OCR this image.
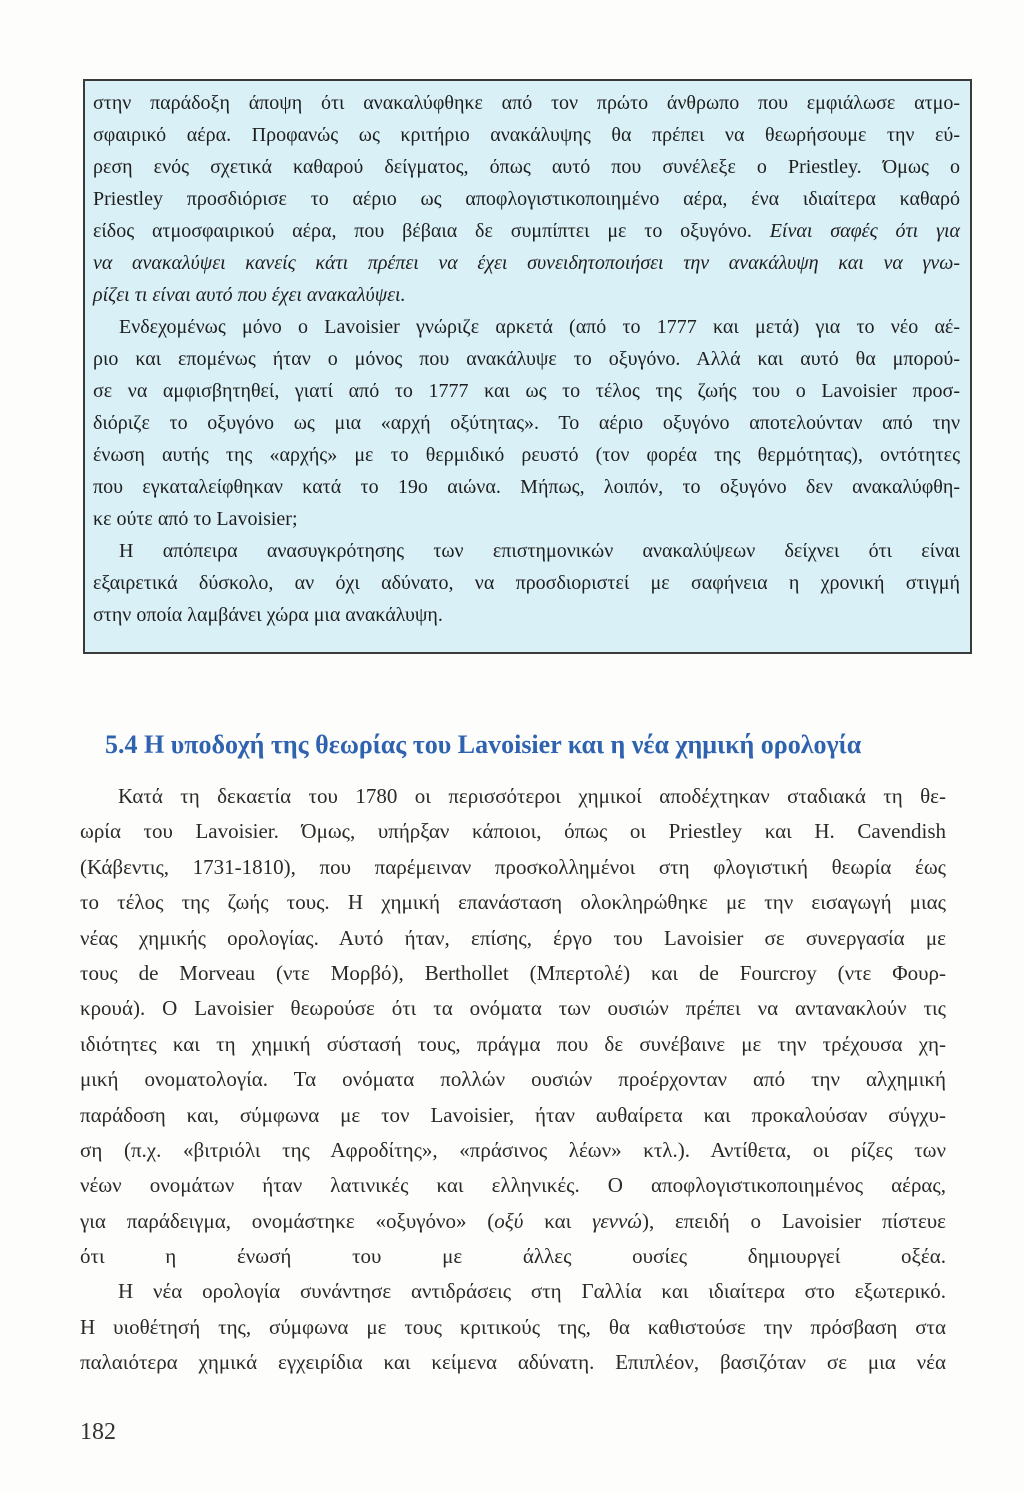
στην παράδοξη άποψη ότι ανακαλύφθηκε από τον πρώτο άνθρωπο που εμφιάλωσε ατμο-
σφαιρικό αέρα. Προφανώς ως κριτήριο ανακάλυψης θα πρέπει να θεωρήσουμε την εύ-
ρεση ενός σχετικά καθαρού δείγματος, όπως αυτό που συνέλεξε ο Priestley. Όμως ο
Priestley προσδιόρισε το αέριο ως αποφλογιστικοποιημένο αέρα, ένα ιδιαίτερα καθαρό
είδος ατμοσφαιρικού αέρα, που βέβαια δε συμπίπτει με το οξυγόνο. Είναι σαφές ότι για
να ανακαλύψει κανείς κάτι πρέπει να έχει συνειδητοποιήσει την ανακάλυψη και να γνω-
ρίζει τι είναι αυτό που έχει ανακαλύψει.
Ενδεχομένως μόνο ο Lavoisier γνώριζε αρκετά (από το 1777 και μετά) για το νέο αέ-
ριο και επομένως ήταν ο μόνος που ανακάλυψε το οξυγόνο. Αλλά και αυτό θα μπορού-
σε να αμφισβητηθεί, γιατί από το 1777 και ως το τέλος της ζωής του ο Lavoisier προσ-
διόριζε το οξυγόνο ως μια «αρχή οξύτητας». Το αέριο οξυγόνο αποτελούνταν από την
ένωση αυτής της «αρχής» με το θερμιδικό ρευστό (τον φορέα της θερμότητας), οντότητες
που εγκαταλείφθηκαν κατά το 19ο αιώνα. Μήπως, λοιπόν, το οξυγόνο δεν ανακαλύφθη-
κε ούτε από το Lavoisier;
Η απόπειρα ανασυγκρότησης των επιστημονικών ανακαλύψεων δείχνει ότι είναι
εξαιρετικά δύσκολο, αν όχι αδύνατο, να προσδιοριστεί με σαφήνεια η χρονική στιγμή
στην οποία λαμβάνει χώρα μια ανακάλυψη.
5.4 Η υποδοχή της θεωρίας του Lavoisier και η νέα χημική ορολογία
Κατά τη δεκαετία του 1780 οι περισσότεροι χημικοί αποδέχτηκαν σταδιακά τη θε-
ωρία του Lavoisier. Όμως, υπήρξαν κάποιοι, όπως οι Priestley και H. Cavendish
(Κάβεντις, 1731-1810), που παρέμειναν προσκολλημένοι στη φλογιστική θεωρία έως
το τέλος της ζωής τους. Η χημική επανάσταση ολοκληρώθηκε με την εισαγωγή μιας
νέας χημικής ορολογίας. Αυτό ήταν, επίσης, έργο του Lavoisier σε συνεργασία με
τους de Morveau (ντε Μορβό), Berthollet (Μπερτολέ) και de Fourcroy (ντε Φουρ-
κρουά). Ο Lavoisier θεωρούσε ότι τα ονόματα των ουσιών πρέπει να αντανακλούν τις
ιδιότητες και τη χημική σύστασή τους, πράγμα που δε συνέβαινε με την τρέχουσα χη-
μική ονοματολογία. Τα ονόματα πολλών ουσιών προέρχονταν από την αλχημική
παράδοση και, σύμφωνα με τον Lavoisier, ήταν αυθαίρετα και προκαλούσαν σύγχυ-
ση (π.χ. «βιτριόλι της Αφροδίτης», «πράσινος λέων» κτλ.). Αντίθετα, οι ρίζες των
νέων ονομάτων ήταν λατινικές και ελληνικές. Ο αποφλογιστικοποιημένος αέρας,
για παράδειγμα, ονομάστηκε «οξυγόνο» (οξύ και γεννώ), επειδή ο Lavoisier πίστευε
ότι η ένωσή του με άλλες ουσίες δημιουργεί οξέα.
Η νέα ορολογία συνάντησε αντιδράσεις στη Γαλλία και ιδιαίτερα στο εξωτερικό.
Η υιοθέτησή της, σύμφωνα με τους κριτικούς της, θα καθιστούσε την πρόσβαση στα
παλαιότερα χημικά εγχειρίδια και κείμενα αδύνατη. Επιπλέον, βασιζόταν σε μια νέα
182
